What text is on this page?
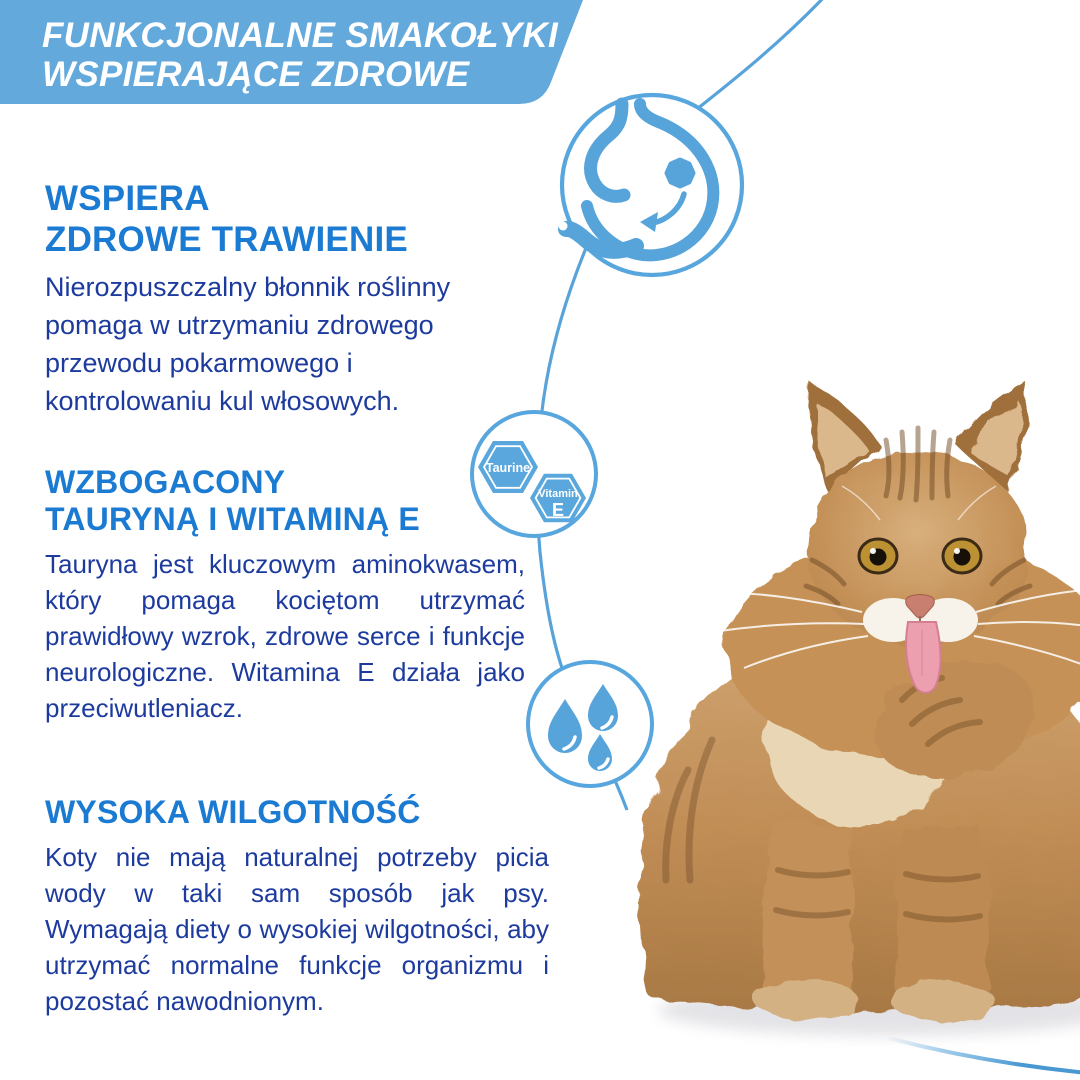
Taurine
Vitamin
E
FUNKCJONALNE SMAKOŁYKI
WSPIERAJĄCE ZDROWE
WSPIERA
ZDROWE TRAWIENIE

Nierozpuszczalny błonnik roślinny pomaga w utrzymaniu zdrowego przewodu pokarmowego i kontrolowaniu kul włosowych.

WZBOGACONY
TAURYNĄ I WITAMINĄ E

Tauryna jest kluczowym aminokwasem, który pomaga kociętom utrzymać prawidłowy wzrok, zdrowe serce i funkcje neurologiczne. Witamina E działa jako przeciwutleniacz.

WYSOKA WILGOTNOŚĆ

Koty nie mają naturalnej potrzeby picia wody w taki sam sposób jak psy. Wymagają diety o wysokiej wilgotności, aby utrzymać normalne funkcje organizmu i pozostać nawodnionym.
